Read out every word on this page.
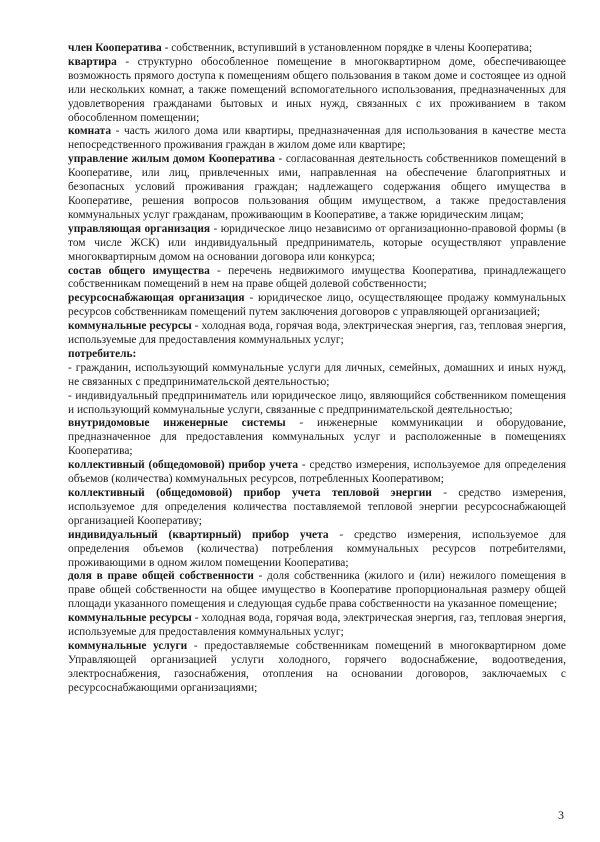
член Кооператива - собственник, вступивший в установленном порядке в члены Кооператива;

квартира - структурно обособленное помещение в многоквартирном доме, обеспечивающее возможность прямого доступа к помещениям общего пользования в таком доме и состоящее из одной или нескольких комнат, а также помещений вспомогательного использования, предназначенных для удовлетворения гражданами бытовых и иных нужд, связанных с их проживанием в таком обособленном помещении;

комната - часть жилого дома или квартиры, предназначенная для использования в качестве места непосредственного проживания граждан в жилом доме или квартире;

управление жилым домом Кооператива - согласованная деятельность собственников помещений в Кооперативе, или лиц, привлеченных ими, направленная на обеспечение благоприятных и безопасных условий проживания граждан; надлежащего содержания общего имущества в Кооперативе, решения вопросов пользования общим имуществом, а также предоставления коммунальных услуг гражданам, проживающим в Кооперативе, а также юридическим лицам;

управляющая организация - юридическое лицо независимо от организационно-правовой формы (в том числе ЖСК) или индивидуальный предприниматель, которые осуществляют управление многоквартирным домом на основании договора или конкурса;

состав общего имущества - перечень недвижимого имущества Кооператива, принадлежащего собственникам помещений в нем на праве общей долевой собственности;

ресурсоснабжающая организация - юридическое лицо, осуществляющее продажу коммунальных ресурсов собственникам помещений путем заключения договоров с управляющей организацией;

коммунальные ресурсы - холодная вода, горячая вода, электрическая энергия, газ, тепловая энергия, используемые для предоставления коммунальных услуг;

потребитель:

- гражданин, использующий коммунальные услуги для личных, семейных, домашних и иных нужд, не связанных с предпринимательской деятельностью;

- индивидуальный предприниматель или юридическое лицо, являющийся собственником помещения и использующий коммунальные услуги, связанные с предпринимательской деятельностью;

внутридомовые инженерные системы - инженерные коммуникации и оборудование, предназначенное для предоставления коммунальных услуг и расположенные в помещениях Кооператива;

коллективный (общедомовой) прибор учета - средство измерения, используемое для определения объемов (количества) коммунальных ресурсов, потребленных Кооперативом;

коллективный (общедомовой) прибор учета тепловой энергии - средство измерения, используемое для определения количества поставляемой тепловой энергии ресурсоснабжающей организацией Кооперативу;

индивидуальный (квартирный) прибор учета - средство измерения, используемое для определения объемов (количества) потребления коммунальных ресурсов потребителями, проживающими в одном жилом помещении Кооператива;

доля в праве общей собственности - доля собственника (жилого и (или) нежилого помещения в праве общей собственности на общее имущество в Кооперативе пропорциональная размеру общей площади указанного помещения и следующая судьбе права собственности на указанное помещение;

коммунальные ресурсы - холодная вода, горячая вода, электрическая энергия, газ, тепловая энергия, используемые для предоставления коммунальных услуг;

коммунальные услуги - предоставляемые собственникам помещений в многоквартирном доме Управляющей организацией услуги холодного, горячего водоснабжение, водоотведения, электроснабжения, газоснабжения, отопления на основании договоров, заключаемых с ресурсоснабжающими организациями;

3
